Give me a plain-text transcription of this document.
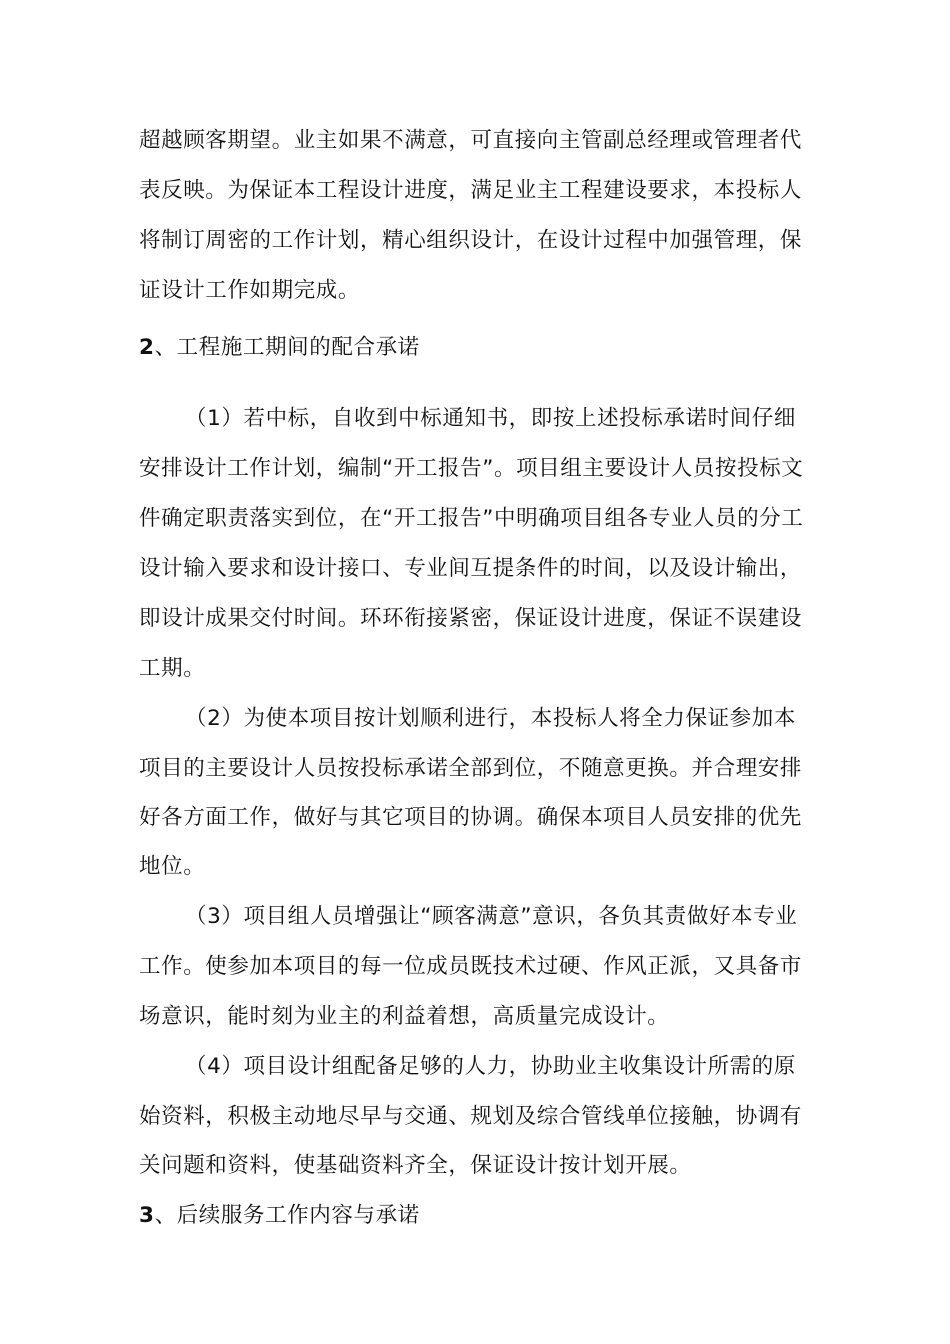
超越顾客期望。业主如果不满意，可直接向主管副总经理或管理者代
表反映。为保证本工程设计进度，满足业主工程建设要求，本投标人
将制订周密的工作计划，精心组织设计，在设计过程中加强管理，保
证设计工作如期完成。
2、工程施工期间的配合承诺
（1）若中标，自收到中标通知书，即按上述投标承诺时间仔细
安排设计工作计划，编制“开工报告”。项目组主要设计人员按投标文
件确定职责落实到位，在“开工报告”中明确项目组各专业人员的分工
设计输入要求和设计接口、专业间互提条件的时间，以及设计输出，
即设计成果交付时间。环环衔接紧密，保证设计进度，保证不误建设
工期。
（2）为使本项目按计划顺利进行，本投标人将全力保证参加本
项目的主要设计人员按投标承诺全部到位，不随意更换。并合理安排
好各方面工作，做好与其它项目的协调。确保本项目人员安排的优先
地位。
（3）项目组人员增强让“顾客满意”意识，各负其责做好本专业
工作。使参加本项目的每一位成员既技术过硬、作风正派，又具备市
场意识，能时刻为业主的利益着想，高质量完成设计。
（4）项目设计组配备足够的人力，协助业主收集设计所需的原
始资料，积极主动地尽早与交通、规划及综合管线单位接触，协调有
关问题和资料，使基础资料齐全，保证设计按计划开展。
3、后续服务工作内容与承诺
